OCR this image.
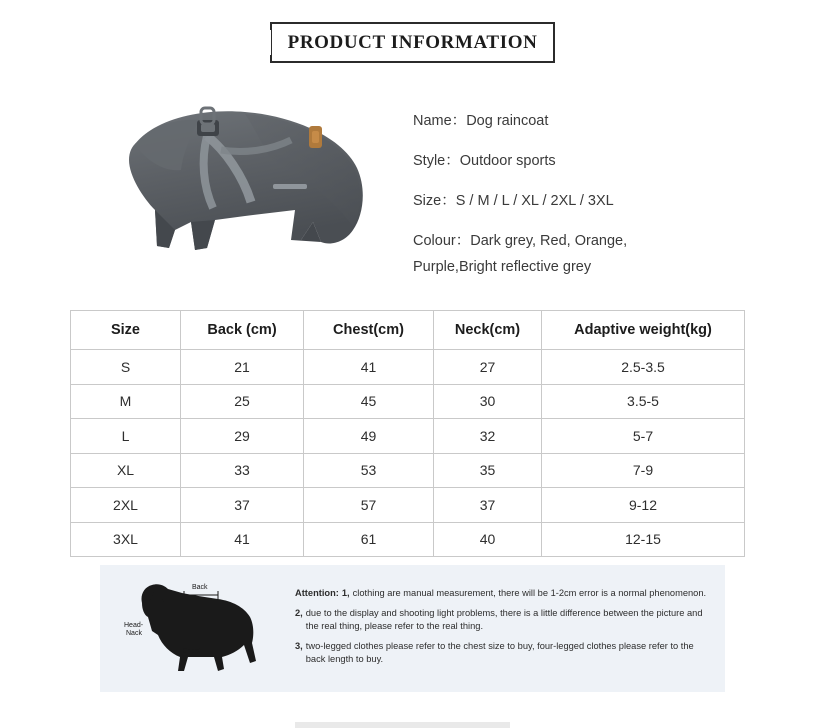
PRODUCT INFORMATION
Name：Dog raincoat
Style：Outdoor sports
Size：S / M / L / XL / 2XL / 3XL
Colour：Dark grey, Red, Orange,
Purple,Bright reflective grey
Size	Back (cm)	Chest(cm)	Neck(cm)	Adaptive weight(kg)
S	21	41	27	2.5-3.5
M	25	45	30	3.5-5
L	29	49	32	5-7
XL	33	53	35	7-9
2XL	37	57	37	9-12
3XL	41	61	40	12-15
Back
Head-
Nack
Chest
Attention: 1, clothing are manual measurement, there will be 1-2cm error is a normal phenomenon.
2, due to the display and shooting light problems, there is a little difference between the picture and the real thing, please refer to the real thing.
3, two-legged clothes please refer to the chest size to buy, four-legged clothes please refer to the back length to buy.
